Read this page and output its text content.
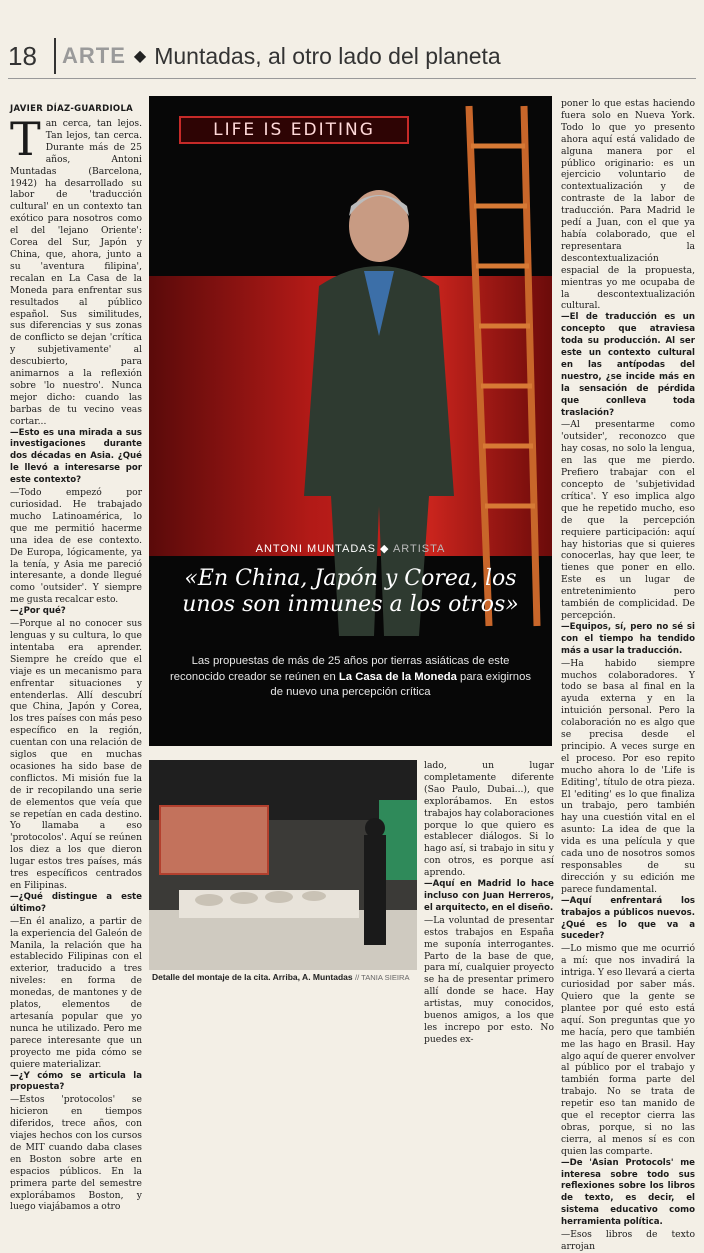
18	ARTE ◆ Muntadas, al otro lado del planeta
JAVIER DÍAZ-GUARDIOLA
T an cerca, tan lejos. Tan lejos, tan cerca. Durante más de 25 años, Antoni Muntadas (Barcelona, 1942) ha desarrollado su labor de 'traducción cultural' en un contexto tan exótico para nosotros como el del 'lejano Oriente': Corea del Sur, Japón y China, que, ahora, junto a su 'aventura filipina', recalan en La Casa de la Moneda para enfrentar sus resultados al público español. Sus similitudes, sus diferencias y sus zonas de conflicto se dejan 'crítica y subjetivamente' al descubierto, para animarnos a la reflexión sobre 'lo nuestro'. Nunca mejor dicho: cuando las barbas de tu vecino veas cortar...

—Esto es una mirada a sus investigaciones durante dos décadas en Asia. ¿Qué le llevó a interesarse por este contexto?

—Todo empezó por curiosidad. He trabajado mucho Latinoamérica, lo que me permitió hacerme una idea de ese contexto. De Europa, lógicamente, ya la tenía, y Asia me pareció interesante, a donde llegué como 'outsider'. Y siempre me gusta recalcar esto.

—¿Por qué?

—Porque al no conocer sus lenguas y su cultura, lo que intentaba era aprender. Siempre he creído que el viaje es un mecanismo para enfrentar situaciones y entenderlas. Allí descubrí que China, Japón y Corea, los tres países con más peso específico en la región, cuentan con una relación de siglos que en muchas ocasiones ha sido base de conflictos. Mi misión fue la de ir recopilando una serie de elementos que veía que se repetían en cada destino. Yo llamaba a eso 'protocolos'. Aquí se reúnen los diez a los que dieron lugar estos tres países, más tres específicos centrados en Filipinas.

—¿Qué distingue a este último?

—En él analizo, a partir de la experiencia del Galeón de Manila, la relación que ha establecido Filipinas con el exterior, traducido a tres niveles: en forma de monedas, de mantones y de platos, elementos de artesanía popular que yo nunca he utilizado. Pero me parece interesante que un proyecto me pida cómo se quiere materializar.

—¿Y cómo se articula la propuesta?

—Estos 'protocolos' se hicieron en tiempos diferidos, trece años, con viajes hechos con los cursos de MIT cuando daba clases en Boston sobre arte en espacios públicos. En la primera parte del semestre explorábamos Boston, y luego viajábamos a otro

LIFE IS EDITING
ANTONI MUNTADAS ◆ ARTISTA
«En China, Japón y Corea, los unos son inmunes a los otros»
Las propuestas de más de 25 años por tierras asiáticas de este reconocido creador se reúnen en La Casa de la Moneda para exigirnos de nuevo una percepción crítica
Detalle del montaje de la cita. Arriba, A. Muntadas // TANIA SIEIRA

lado, un lugar completamente diferente (Sao Paulo, Dubai...), que explorábamos. En estos trabajos hay colaboraciones porque lo que quiero es establecer diálogos. Si lo hago así, si trabajo in situ y con otros, es porque así aprendo.

—Aquí en Madrid lo hace incluso con Juan Herreros, el arquitecto, en el diseño.

—La voluntad de presentar estos trabajos en España me suponía interrogantes. Parto de la base de que, para mí, cualquier proyecto se ha de presentar primero allí donde se hace. Hay artistas, muy conocidos, buenos amigos, a los que les increpo por esto. No puedes ex-

poner lo que estas haciendo fuera solo en Nueva York. Todo lo que yo presento ahora aquí está validado de alguna manera por el público originario: es un ejercicio voluntario de contextualización y de contraste de la labor de traducción. Para Madrid le pedí a Juan, con el que ya había colaborado, que el representara la descontextualización espacial de la propuesta, mientras yo me ocupaba de la descontextualización cultural.

—El de traducción es un concepto que atraviesa toda su producción. Al ser este un contexto cultural en las antípodas del nuestro, ¿se incide más en la sensación de pérdida que conlleva toda traslación?

—Al presentarme como 'outsider', reconozco que hay cosas, no solo la lengua, en las que me pierdo. Prefiero trabajar con el concepto de 'subjetividad crítica'. Y eso implica algo que he repetido mucho, eso de que la percepción requiere participación: aquí hay historias que si quieres conocerlas, hay que leer, te tienes que poner en ello. Este es un lugar de entretenimiento pero también de complicidad. De percepción.

—Equipos, sí, pero no sé si con el tiempo ha tendido más a usar la traducción.

—Ha habido siempre muchos colaboradores. Y todo se basa al final en la ayuda externa y en la intuición personal. Pero la colaboración no es algo que se precisa desde el principio. A veces surge en el proceso. Por eso repito mucho ahora lo de 'Life is Editing', título de otra pieza. El 'editing' es lo que finaliza un trabajo, pero también hay una cuestión vital en el asunto: La idea de que la vida es una película y que cada uno de nosotros somos responsables de su dirección y su edición me parece fundamental.

—Aquí enfrentará los trabajos a públicos nuevos. ¿Qué es lo que va a suceder?

—Lo mismo que me ocurrió a mí: que nos invadirá la intriga. Y eso llevará a cierta curiosidad por saber más. Quiero que la gente se plantee por qué esto está aquí. Son preguntas que yo me hacía, pero que también me las hago en Brasil. Hay algo aquí de querer envolver al público por el trabajo y también forma parte del trabajo. No se trata de repetir eso tan manido de que el receptor cierra las obras, porque, si no las cierra, al menos sí es con quien las comparte.

—De 'Asian Protocols' me interesa sobre todo sus reflexiones sobre los libros de texto, es decir, el sistema educativo como herramienta política.

—Esos libros de texto arrojan
